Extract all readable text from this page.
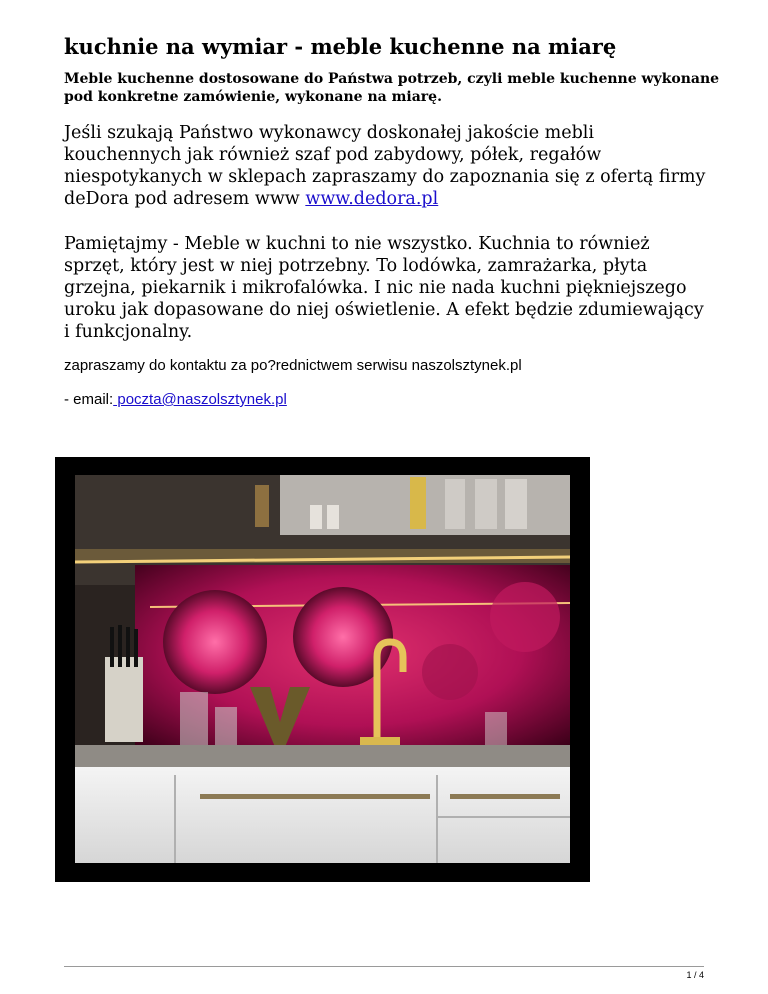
kuchnie na wymiar - meble kuchenne na miarę

Meble kuchenne dostosowane do Państwa potrzeb, czyli meble kuchenne wykonane pod konkretne zamówienie, wykonane na miarę.

Jeśli szukają Państwo wykonawcy doskonałej jakoście mebli kouchennych jak również szaf pod zabydowy, półek, regałów niespotykanych w sklepach zapraszamy do zapoznania się z ofertą firmy deDora pod adresem www www.dedora.pl

Pamiętajmy - Meble w kuchni to nie wszystko. Kuchnia to również sprzęt, który jest w niej potrzebny. To lodówka, zamrażarka, płyta grzejna, piekarnik i mikrofalówka. I nic nie nada kuchni piękniejszego uroku jak dopasowane do niej oświetlenie. A efekt będzie zdumiewający i funkcjonalny.

zapraszamy do kontaktu za po?rednictwem serwisu naszolsztynek.pl

- email: poczta@naszolsztynek.pl

1 / 4
